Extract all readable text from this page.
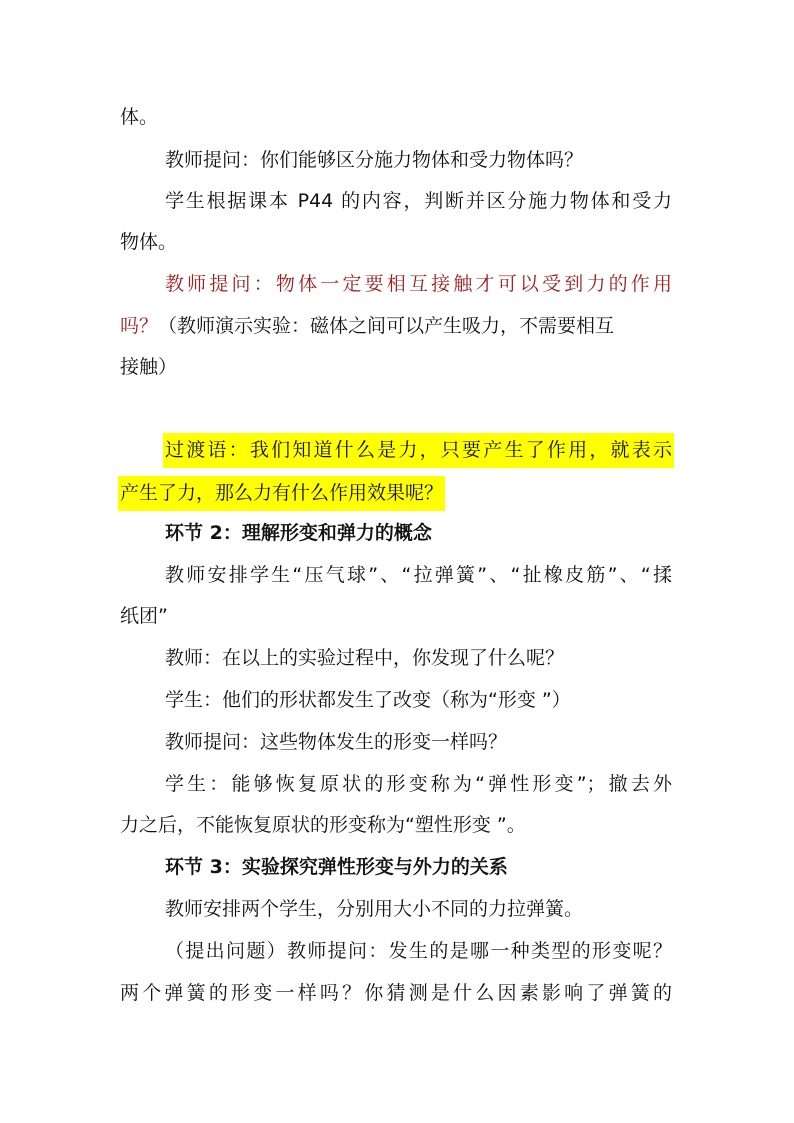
体。
教师提问：你们能够区分施力物体和受力物体吗？
学生根据课本 P44 的内容，判断并区分施力物体和受力
物体。
教师提问：物体一定要相互接触才可以受到力的作用
吗？（教师演示实验：磁体之间可以产生吸力，不需要相互
接触）
过渡语：我们知道什么是力，只要产生了作用，就表示
产生了力，那么力有什么作用效果呢？
环节 2：理解形变和弹力的概念
教师安排学生“压气球”、“拉弹簧”、“扯橡皮筋”、“揉
纸团”
教师：在以上的实验过程中，你发现了什么呢？
学生：他们的形状都发生了改变（称为“形变 ”）
教师提问：这些物体发生的形变一样吗？
学生：能够恢复原状的形变称为“弹性形变”；撤去外
力之后，不能恢复原状的形变称为“塑性形变 ”。
环节 3：实验探究弹性形变与外力的关系
教师安排两个学生，分别用大小不同的力拉弹簧。
（提出问题）教师提问：发生的是哪一种类型的形变呢？
两个弹簧的形变一样吗？你猜测是什么因素影响了弹簧的
